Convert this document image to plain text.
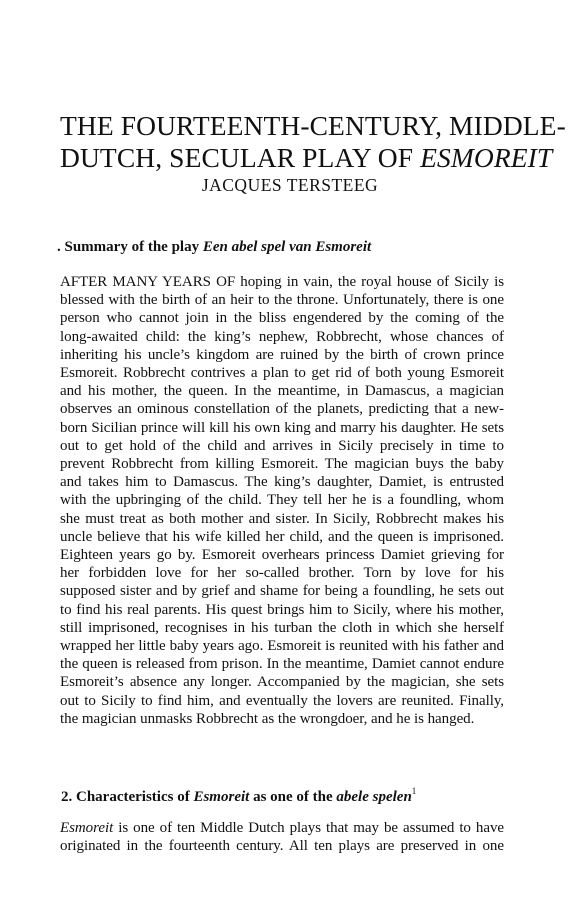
THE FOURTEENTH-CENTURY, MIDDLE-
DUTCH, SECULAR PLAY OF ESMOREIT
JACQUES TERSTEEG
. Summary of the play Een abel spel van Esmoreit
AFTER MANY YEARS OF hoping in vain, the royal house of Sicily is
blessed with the birth of an heir to the throne. Unfortunately, there is one
person who cannot join in the bliss engendered by the coming of the
long-awaited child: the king’s nephew, Robbrecht, whose chances of
inheriting his uncle’s kingdom are ruined by the birth of crown prince
Esmoreit. Robbrecht contrives a plan to get rid of both young Esmoreit
and his mother, the queen. In the meantime, in Damascus, a magician
observes an ominous constellation of the planets, predicting that a new-
born Sicilian prince will kill his own king and marry his daughter. He sets
out to get hold of the child and arrives in Sicily precisely in time to
prevent Robbrecht from killing Esmoreit. The magician buys the baby
and takes him to Damascus. The king’s daughter, Damiet, is entrusted
with the upbringing of the child. They tell her he is a foundling, whom
she must treat as both mother and sister. In Sicily, Robbrecht makes his
uncle believe that his wife killed her child, and the queen is imprisoned.
Eighteen years go by. Esmoreit overhears princess Damiet grieving for
her forbidden love for her so-called brother. Torn by love for his
supposed sister and by grief and shame for being a foundling, he sets out
to find his real parents. His quest brings him to Sicily, where his mother,
still imprisoned, recognises in his turban the cloth in which she herself
wrapped her little baby years ago. Esmoreit is reunited with his father and
the queen is released from prison. In the meantime, Damiet cannot endure
Esmoreit’s absence any longer. Accompanied by the magician, she sets
out to Sicily to find him, and eventually the lovers are reunited. Finally,
the magician unmasks Robbrecht as the wrongdoer, and he is hanged.
2. Characteristics of Esmoreit as one of the abele spelen$^1$
Esmoreit is one of ten Middle Dutch plays that may be assumed to have
originated in the fourteenth century. All ten plays are preserved in one
